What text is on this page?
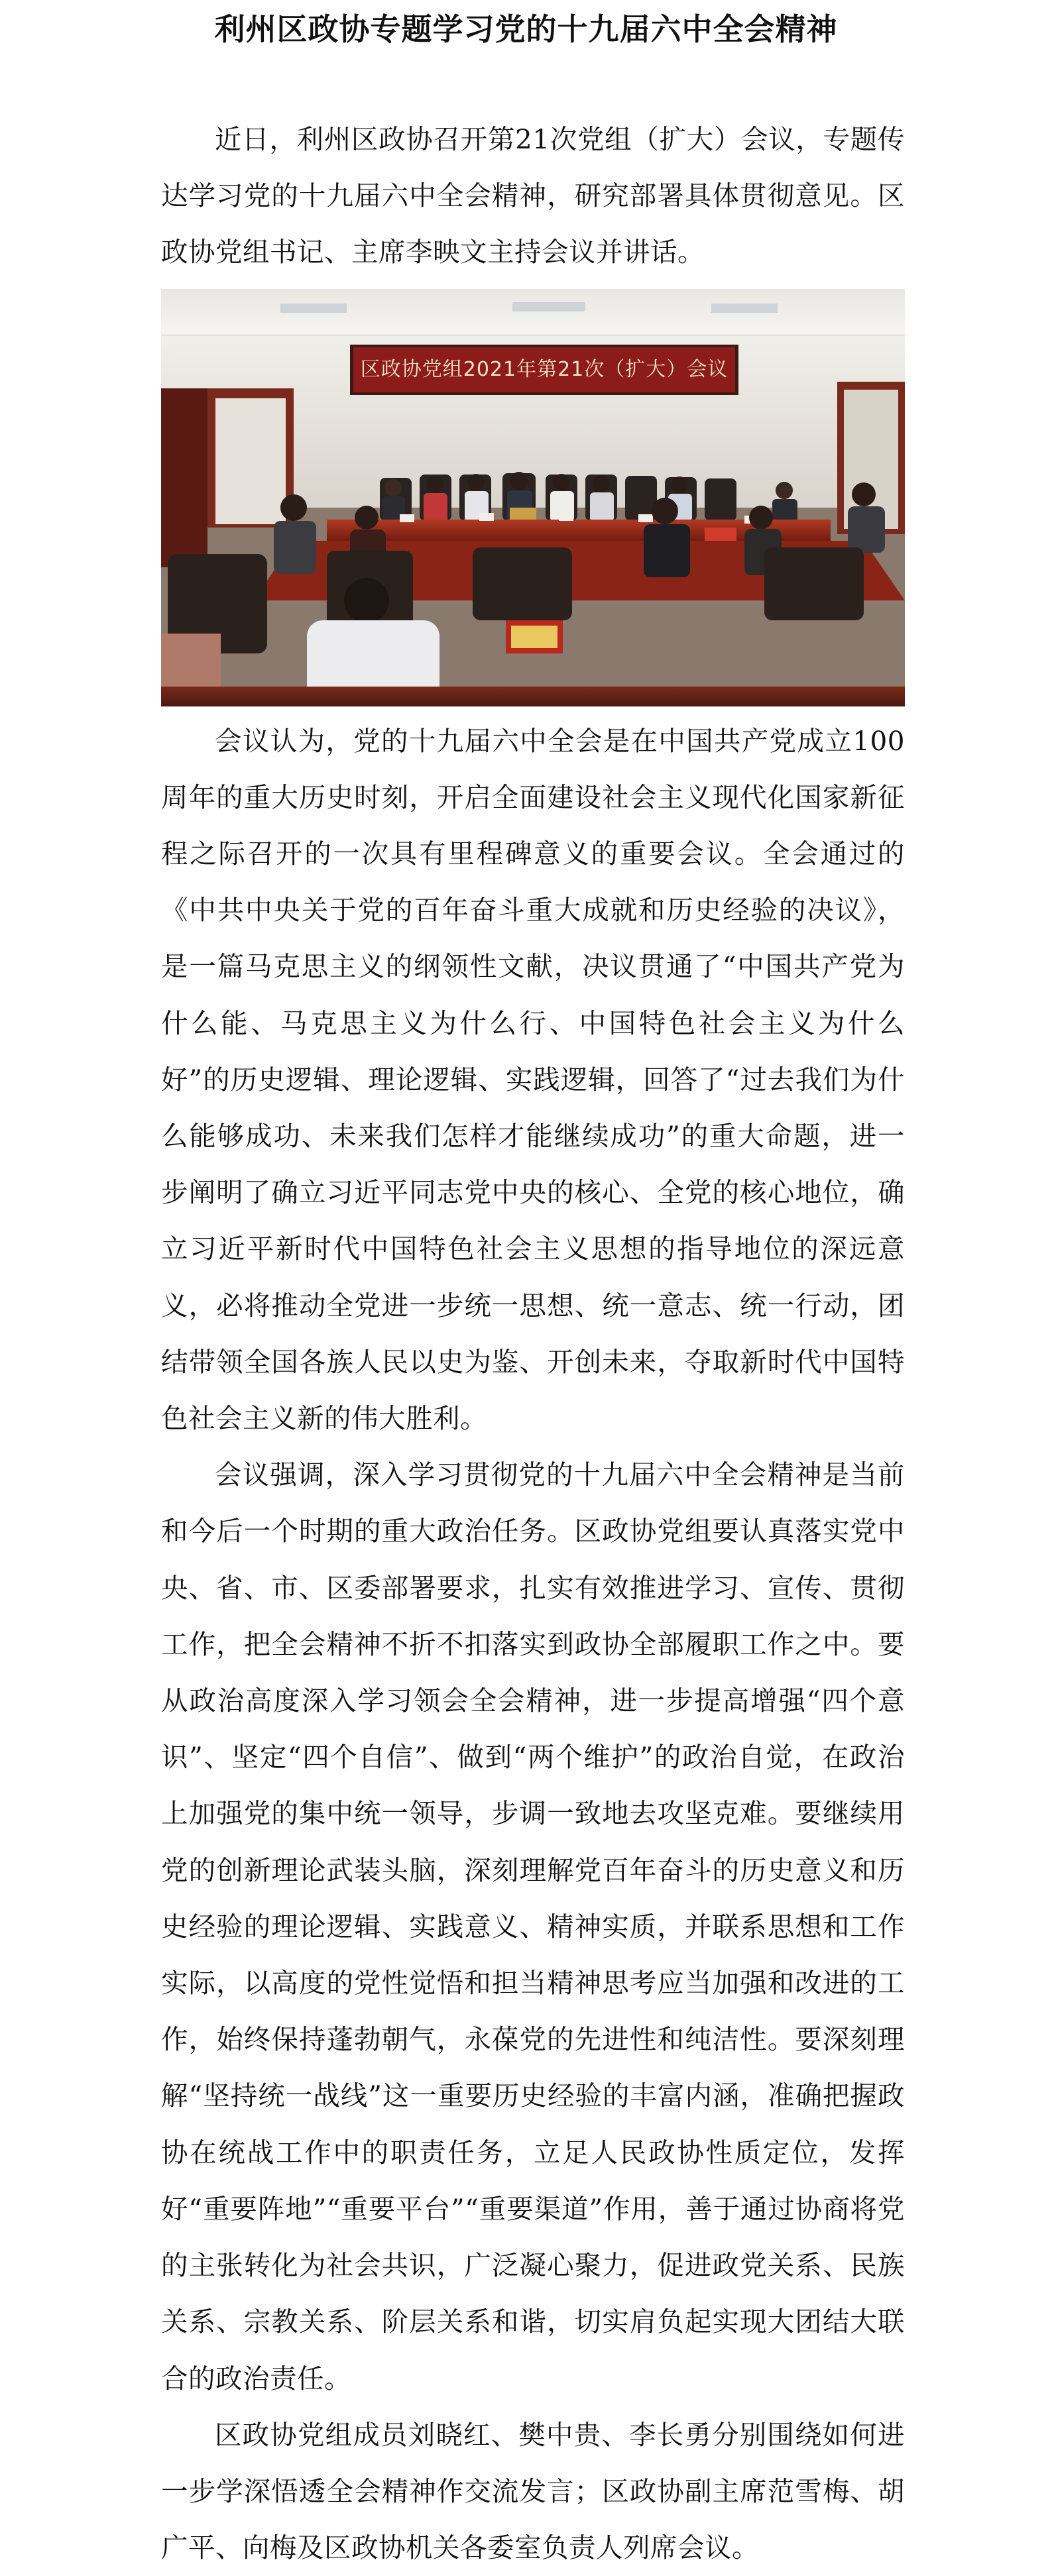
利州区政协专题学习党的十九届六中全会精神

近日，利州区政协召开第21次党组（扩大）会议，专题传达学习党的十九届六中全会精神，研究部署具体贯彻意见。区政协党组书记、主席李映文主持会议并讲话。

区政协党组2021年第21次（扩大）会议

会议认为，党的十九届六中全会是在中国共产党成立100周年的重大历史时刻，开启全面建设社会主义现代化国家新征程之际召开的一次具有里程碑意义的重要会议。全会通过的《中共中央关于党的百年奋斗重大成就和历史经验的决议》，是一篇马克思主义的纲领性文献，决议贯通了“中国共产党为什么能、马克思主义为什么行、中国特色社会主义为什么好”的历史逻辑、理论逻辑、实践逻辑，回答了“过去我们为什么能够成功、未来我们怎样才能继续成功”的重大命题，进一步阐明了确立习近平同志党中央的核心、全党的核心地位，确立习近平新时代中国特色社会主义思想的指导地位的深远意义，必将推动全党进一步统一思想、统一意志、统一行动，团结带领全国各族人民以史为鉴、开创未来，夺取新时代中国特色社会主义新的伟大胜利。

会议强调，深入学习贯彻党的十九届六中全会精神是当前和今后一个时期的重大政治任务。区政协党组要认真落实党中央、省、市、区委部署要求，扎实有效推进学习、宣传、贯彻工作，把全会精神不折不扣落实到政协全部履职工作之中。要从政治高度深入学习领会全会精神，进一步提高增强“四个意识”、坚定“四个自信”、做到“两个维护”的政治自觉，在政治上加强党的集中统一领导，步调一致地去攻坚克难。要继续用党的创新理论武装头脑，深刻理解党百年奋斗的历史意义和历史经验的理论逻辑、实践意义、精神实质，并联系思想和工作实际，以高度的党性觉悟和担当精神思考应当加强和改进的工作，始终保持蓬勃朝气，永葆党的先进性和纯洁性。要深刻理解“坚持统一战线”这一重要历史经验的丰富内涵，准确把握政协在统战工作中的职责任务，立足人民政协性质定位，发挥好“重要阵地”“重要平台”“重要渠道”作用，善于通过协商将党的主张转化为社会共识，广泛凝心聚力，促进政党关系、民族关系、宗教关系、阶层关系和谐，切实肩负起实现大团结大联合的政治责任。

区政协党组成员刘晓红、樊中贵、李长勇分别围绕如何进一步学深悟透全会精神作交流发言；区政协副主席范雪梅、胡广平、向梅及区政协机关各委室负责人列席会议。
